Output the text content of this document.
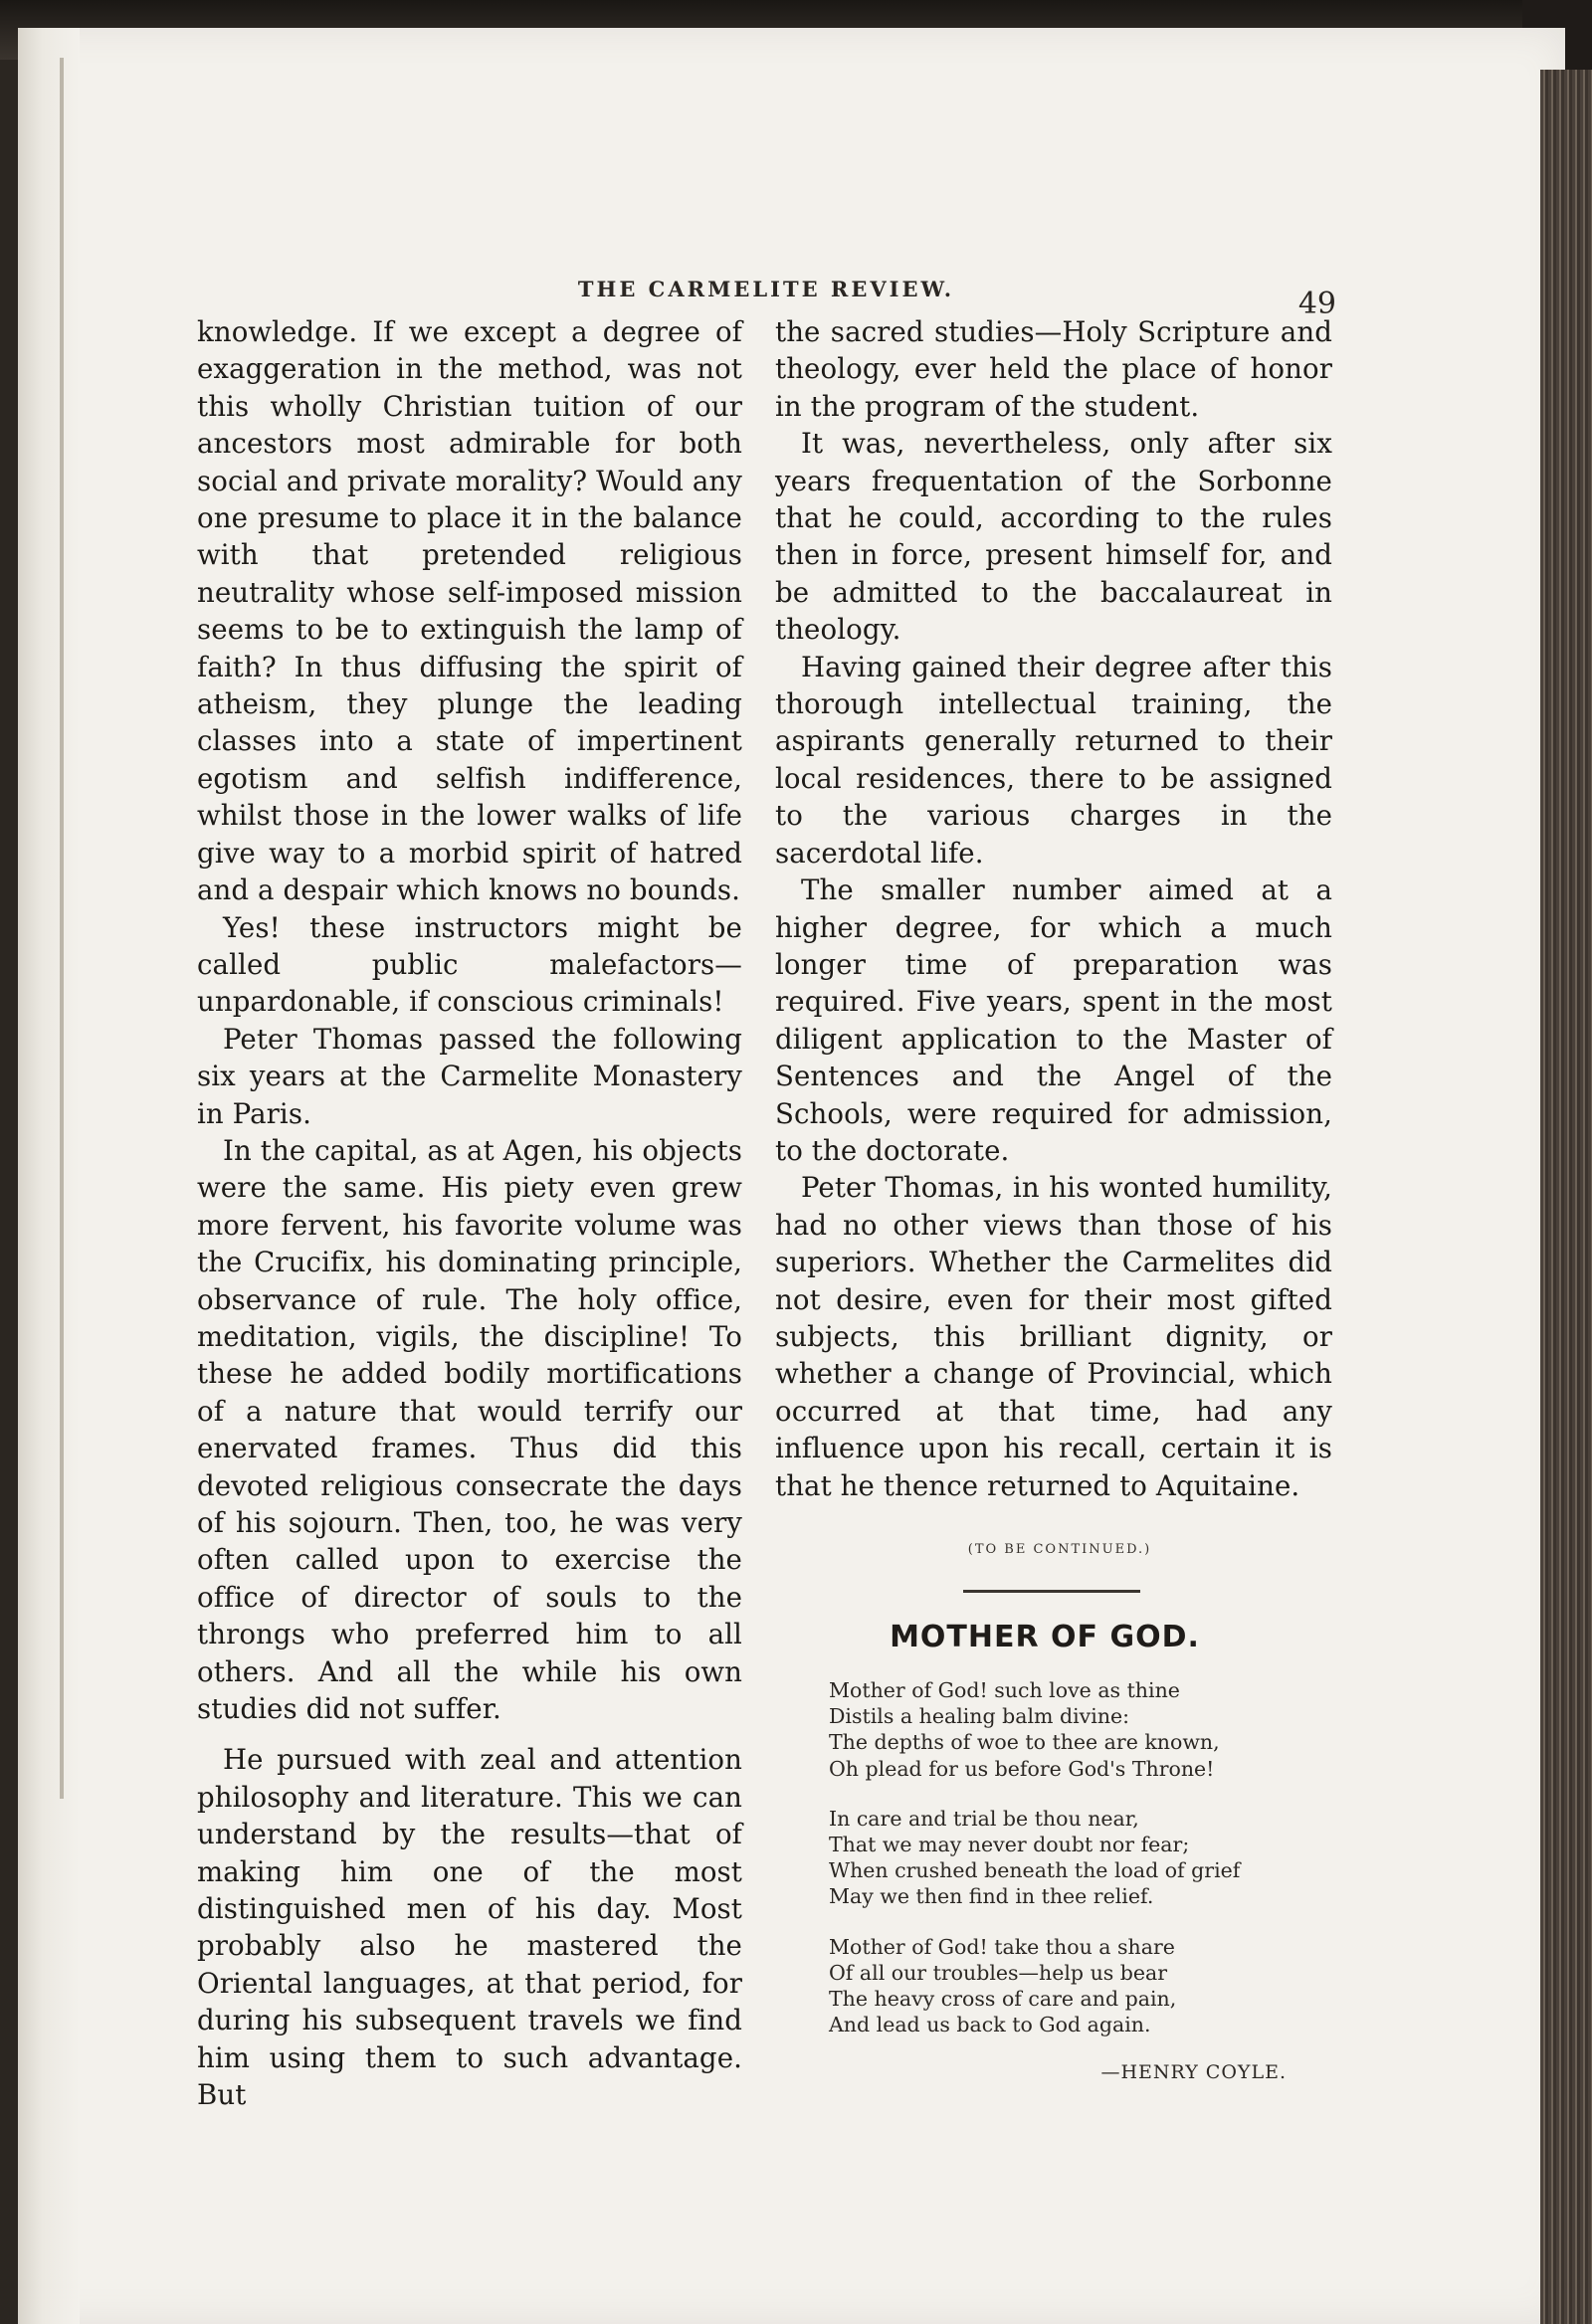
THE CARMELITE REVIEW.	49

knowledge. If we except a degree of exaggeration in the method, was not this wholly Christian tuition of our ancestors most admirable for both social and private morality? Would any one presume to place it in the balance with that pretended religious neutrality whose self-imposed mission seems to be to extinguish the lamp of faith? In thus diffusing the spirit of atheism, they plunge the leading classes into a state of impertinent egotism and selfish indifference, whilst those in the lower walks of life give way to a morbid spirit of hatred and a despair which knows no bounds.

Yes! these instructors might be called public malefactors—unpardonable, if conscious criminals!

Peter Thomas passed the following six years at the Carmelite Monastery in Paris.

In the capital, as at Agen, his objects were the same. His piety even grew more fervent, his favorite volume was the Crucifix, his dominating principle, observance of rule. The holy office, meditation, vigils, the discipline! To these he added bodily mortifications of a nature that would terrify our enervated frames. Thus did this devoted religious consecrate the days of his sojourn. Then, too, he was very often called upon to exercise the office of director of souls to the throngs who preferred him to all others. And all the while his own studies did not suffer.

He pursued with zeal and attention philosophy and literature. This we can understand by the results—that of making him one of the most distinguished men of his day. Most probably also he mastered the Oriental languages, at that period, for during his subsequent travels we find him using them to such advantage. But

the sacred studies—Holy Scripture and theology, ever held the place of honor in the program of the student.

It was, nevertheless, only after six years frequentation of the Sorbonne that he could, according to the rules then in force, present himself for, and be admitted to the baccalaureat in theology.

Having gained their degree after this thorough intellectual training, the aspirants generally returned to their local residences, there to be assigned to the various charges in the sacerdotal life.

The smaller number aimed at a higher degree, for which a much longer time of preparation was required. Five years, spent in the most diligent application to the Master of Sentences and the Angel of the Schools, were required for admission, to the doctorate.

Peter Thomas, in his wonted humility, had no other views than those of his superiors. Whether the Carmelites did not desire, even for their most gifted subjects, this brilliant dignity, or whether a change of Provincial, which occurred at that time, had any influence upon his recall, certain it is that he thence returned to Aquitaine.

(TO BE CONTINUED.)
MOTHER OF GOD.
Mother of God! such love as thine
Distils a healing balm divine:
The depths of woe to thee are known,
Oh plead for us before God's Throne!
In care and trial be thou near,
That we may never doubt nor fear;
When crushed beneath the load of grief
May we then find in thee relief.
Mother of God! take thou a share
Of all our troubles—help us bear
The heavy cross of care and pain,
And lead us back to God again.
—HENRY COYLE.
